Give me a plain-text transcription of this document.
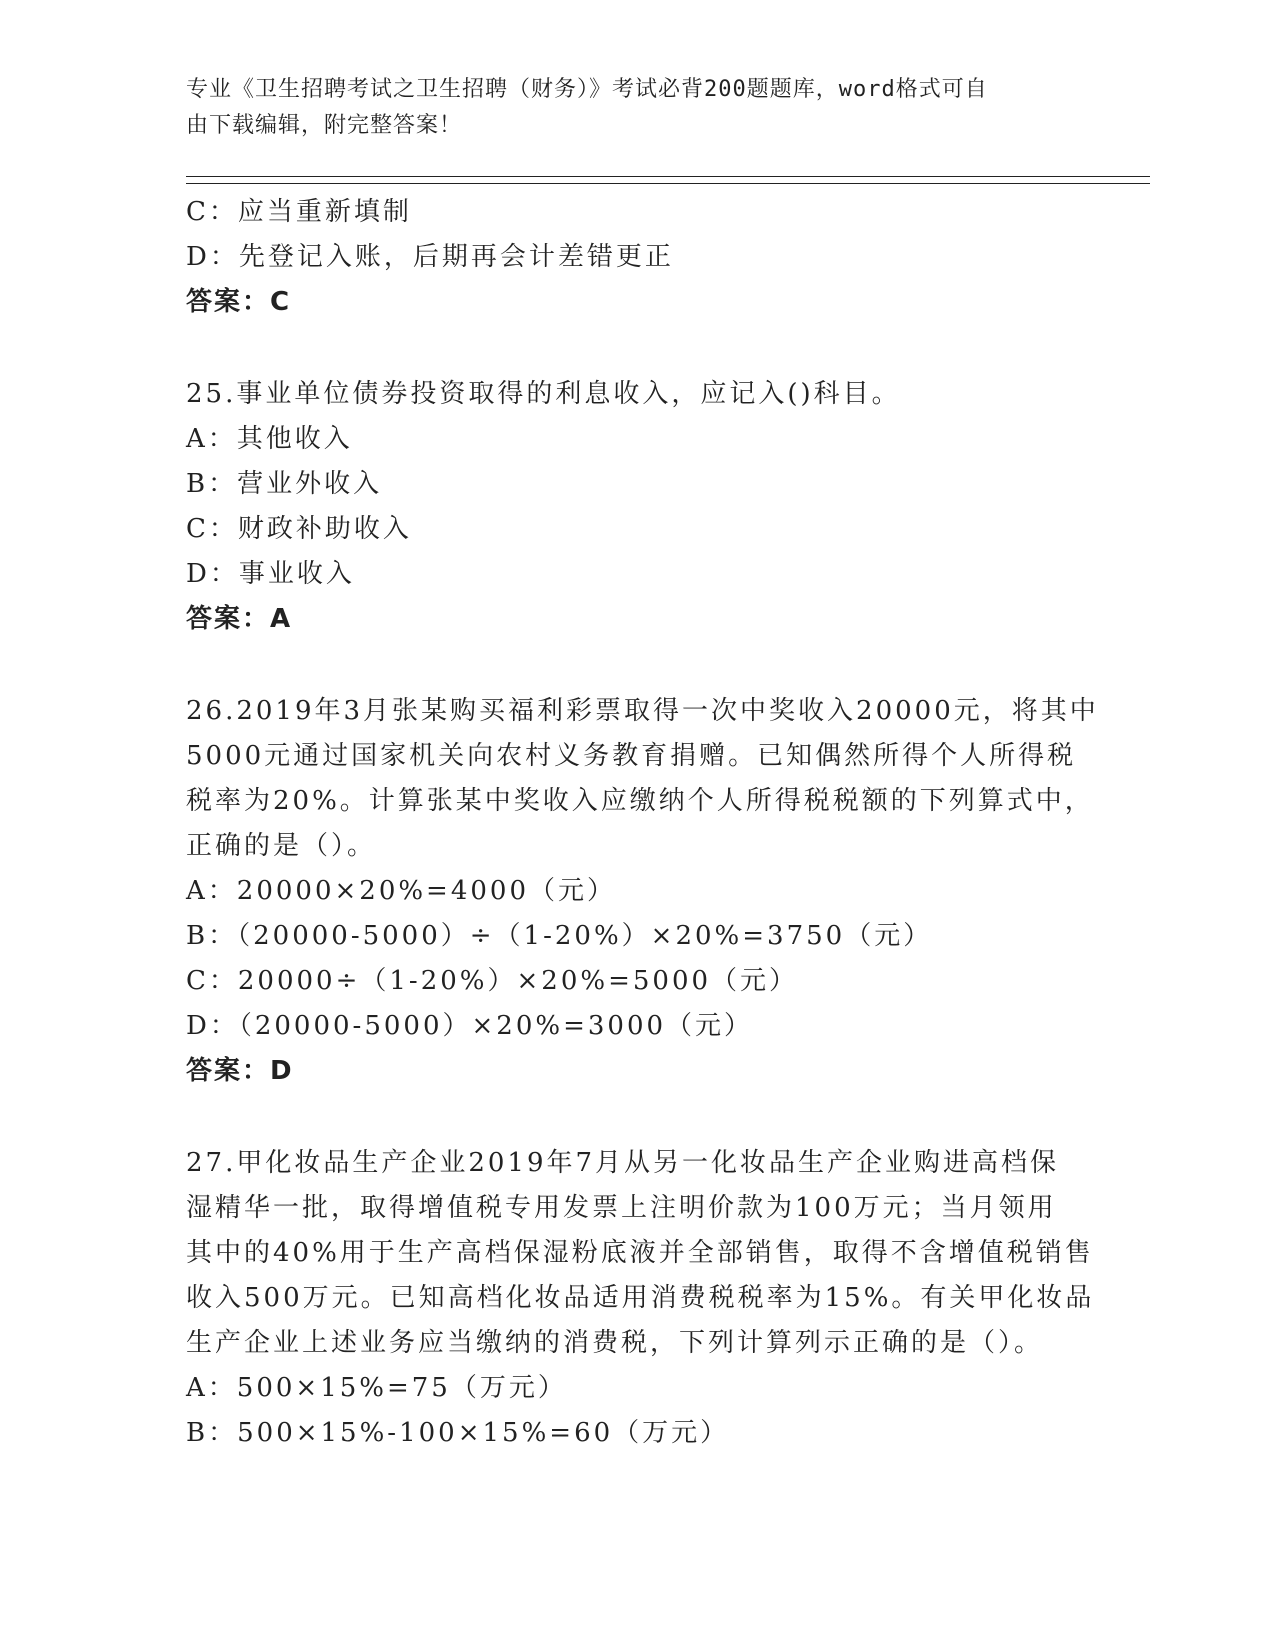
专业《卫生招聘考试之卫生招聘（财务）》考试必背200题题库，word格式可自
由下载编辑，附完整答案！
C：应当重新填制
D：先登记入账，后期再会计差错更正
答案：C
25.事业单位债券投资取得的利息收入，应记入()科目。
A：其他收入
B：营业外收入
C：财政补助收入
D：事业收入
答案：A
26.2019年3月张某购买福利彩票取得一次中奖收入20000元，将其中
5000元通过国家机关向农村义务教育捐赠。已知偶然所得个人所得税
税率为20%。计算张某中奖收入应缴纳个人所得税税额的下列算式中，
正确的是（）。
A：20000×20%=4000（元）
B：（20000-5000）÷（1-20%）×20%=3750（元）
C：20000÷（1-20%）×20%=5000（元）
D：（20000-5000）×20%=3000（元）
答案：D
27.甲化妆品生产企业2019年7月从另一化妆品生产企业购进高档保
湿精华一批，取得增值税专用发票上注明价款为100万元；当月领用
其中的40%用于生产高档保湿粉底液并全部销售，取得不含增值税销售
收入500万元。已知高档化妆品适用消费税税率为15%。有关甲化妆品
生产企业上述业务应当缴纳的消费税，下列计算列示正确的是（）。
A：500×15%=75（万元）
B：500×15%-100×15%=60（万元）
